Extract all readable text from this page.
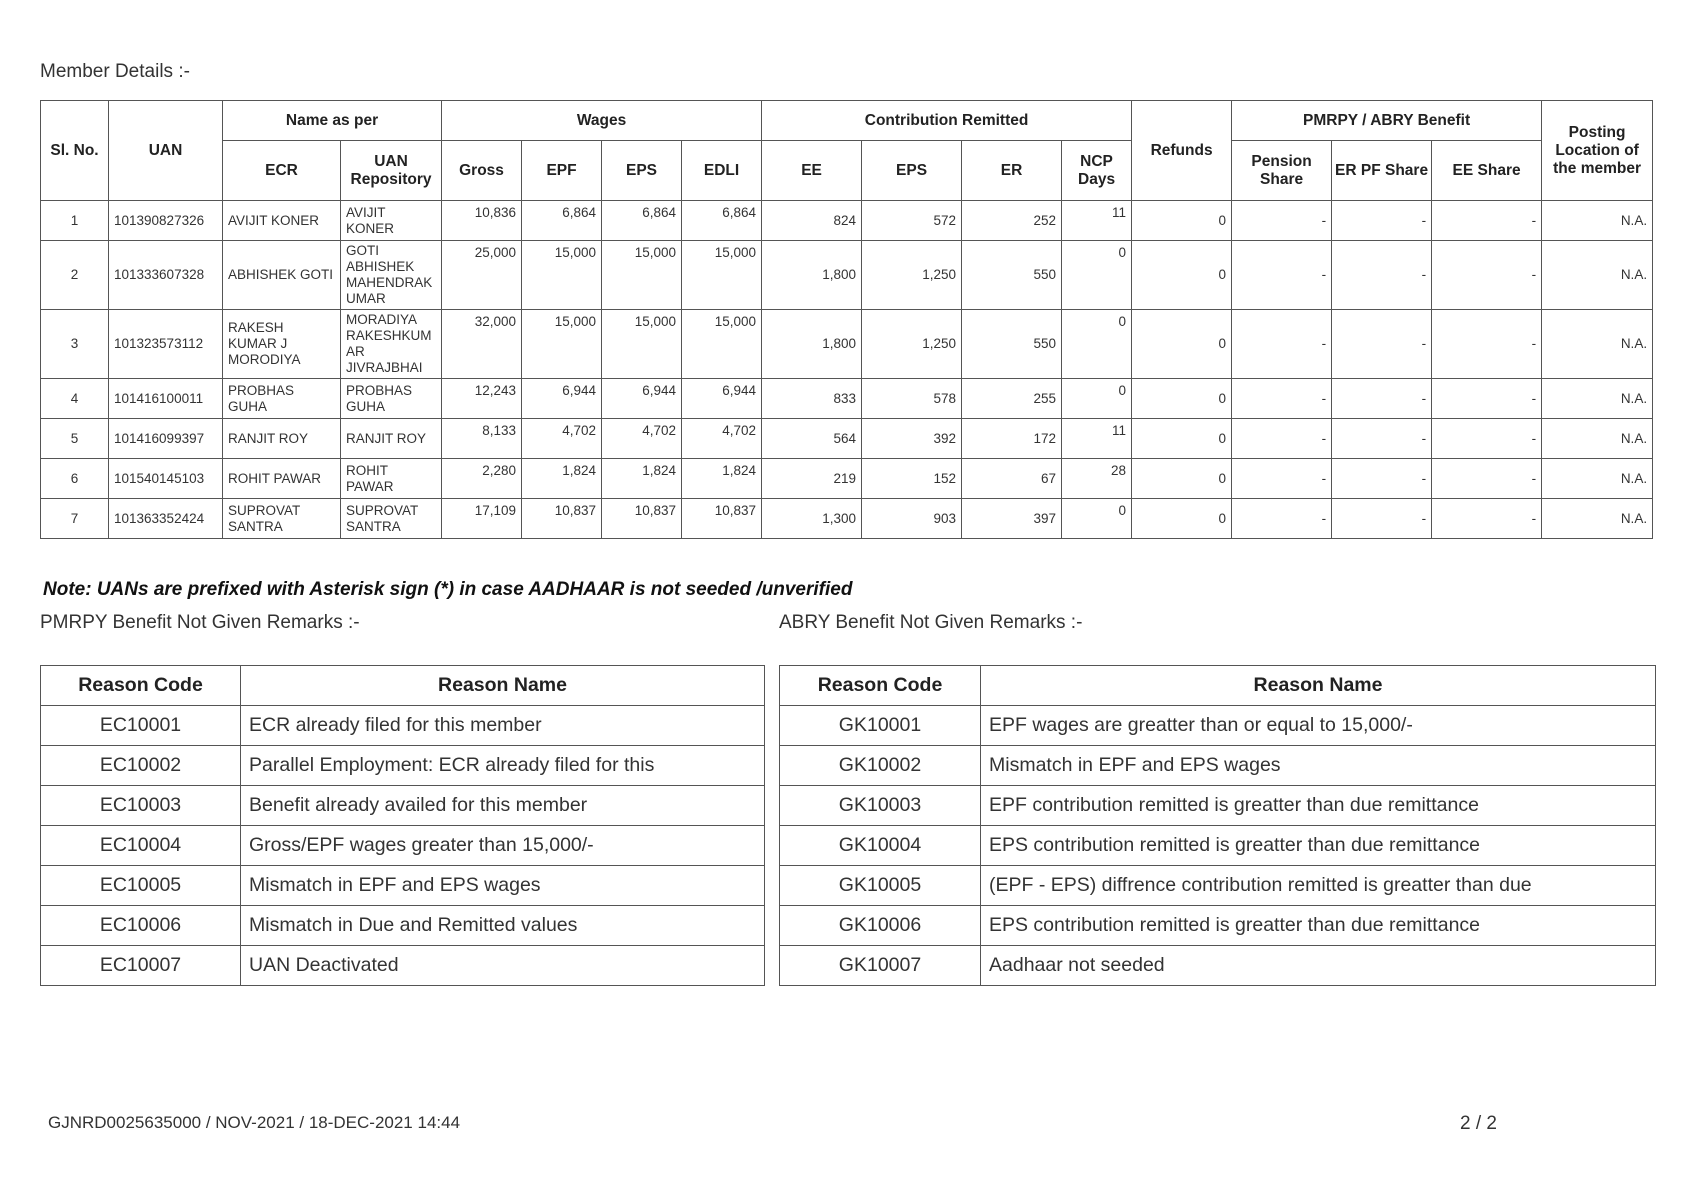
Member Details :-
Sl. No.	UAN	Name as per		Wages				Contribution Remitted				Refunds	PMRPY / ABRY Benefit			Posting Location of the member
		ECR	UAN Repository	Gross	EPF	EPS	EDLI	EE	EPS	ER	NCP Days		Pension Share	ER PF Share	EE Share	
1	101390827326	AVIJIT KONER	AVIJIT KONER	10,836	6,864	6,864	6,864	824	572	252	11	0	-	-	-	N.A.
2	101333607328	ABHISHEK GOTI	GOTI ABHISHEK MAHENDRAK UMAR	25,000	15,000	15,000	15,000	1,800	1,250	550	0	0	-	-	-	N.A.
3	101323573112	RAKESH KUMAR J MORODIYA	MORADIYA RAKESHKUM AR JIVRAJBHAI	32,000	15,000	15,000	15,000	1,800	1,250	550	0	0	-	-	-	N.A.
4	101416100011	PROBHAS GUHA	PROBHAS GUHA	12,243	6,944	6,944	6,944	833	578	255	0	0	-	-	-	N.A.
5	101416099397	RANJIT ROY	RANJIT ROY	8,133	4,702	4,702	4,702	564	392	172	11	0	-	-	-	N.A.
6	101540145103	ROHIT PAWAR	ROHIT PAWAR	2,280	1,824	1,824	1,824	219	152	67	28	0	-	-	-	N.A.
7	101363352424	SUPROVAT SANTRA	SUPROVAT SANTRA	17,109	10,837	10,837	10,837	1,300	903	397	0	0	-	-	-	N.A.
Note: UANs are prefixed with Asterisk sign (*) in case AADHAAR is not seeded /unverified
PMRPY Benefit Not Given Remarks :-	ABRY Benefit Not Given Remarks :-
Reason Code	Reason Name
EC10001	ECR already filed for this member
EC10002	Parallel Employment: ECR already filed for this
EC10003	Benefit already availed for this member
EC10004	Gross/EPF wages greater than 15,000/-
EC10005	Mismatch in EPF and EPS wages
EC10006	Mismatch in Due and Remitted values
EC10007	UAN Deactivated
Reason Code	Reason Name
GK10001	EPF wages are greatter than or equal to 15,000/-
GK10002	Mismatch in EPF and EPS wages
GK10003	EPF contribution remitted is greatter than due remittance
GK10004	EPS contribution remitted is greatter than due remittance
GK10005	(EPF - EPS) diffrence contribution remitted is greatter than due
GK10006	EPS contribution remitted is greatter than due remittance
GK10007	Aadhaar not seeded
GJNRD0025635000 / NOV-2021 / 18-DEC-2021 14:44	2 / 2
